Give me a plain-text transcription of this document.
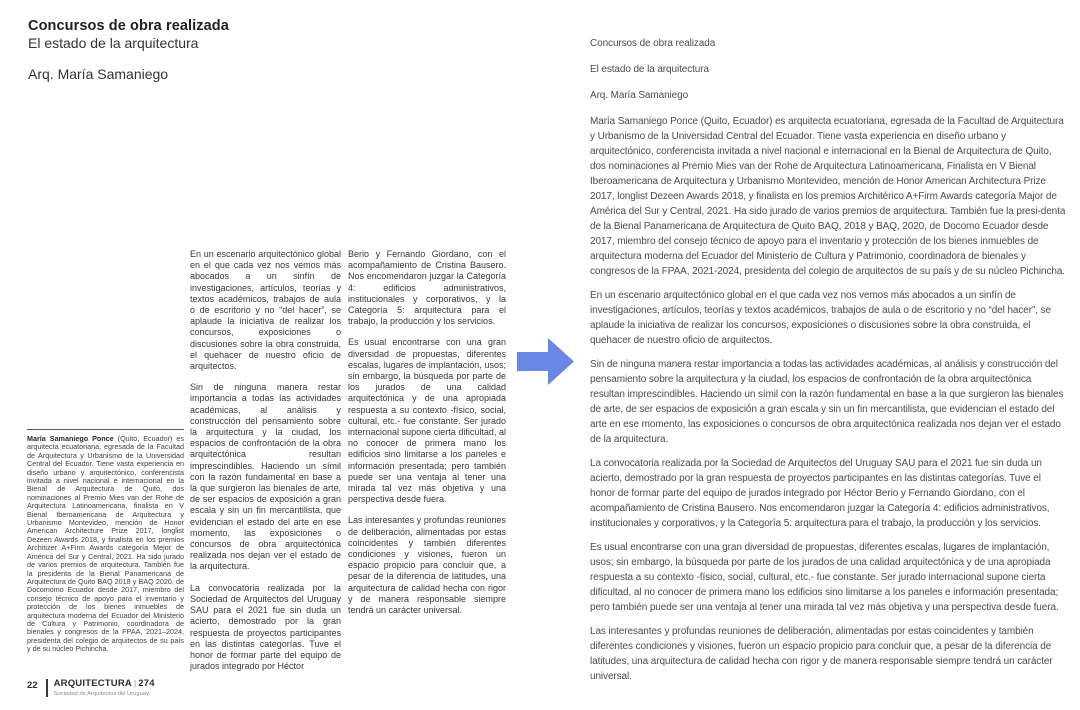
Concursos de obra realizada
El estado de la arquitectura
Arq. María Samaniego
María Samaniego Ponce (Quito, Ecuador) es arquitecta ecuatoriana, egresada de la Facultad de Arquitectura y Urbanismo de la Universidad Central del Ecuador. Tiene vasta experiencia en diseño urbano y arquitectónico, conferencista invitada a nivel nacional e internacional en la Bienal de Arquitectura de Quito, dos nominaciones al Premio Mies van der Rohe de Arquitectura Latinoamericana, finalista en V Bienal Iberoamericana de Arquitectura y Urbanismo Montevideo, mención de Honor American Architecture Prize 2017, longlist Dezeen Awards 2018, y finalista en los premios Architizer A+Firm Awards categoría Mejor de América del Sur y Central, 2021. Ha sido jurado de varios premios de arquitectura. También fue la presidenta de la Bienal Panamericana de Arquitectura de Quito BAQ 2018 y BAQ 2020, de Docomomo Ecuador desde 2017, miembro del consejo técnico de apoyo para el inventario y protección de los bienes inmuebles de arquitectura moderna del Ecuador del Ministerio de Cultura y Patrimonio, coordinadora de bienales y congresos de la FPAA, 2021–2024, presidenta del colegio de arquitectos de su país y de su núcleo Pichincha.

En un escenario arquitectónico global en el que cada vez nos vemos más abocados a un sinfín de investigaciones, artículos, teorías y textos académicos, trabajos de aula o de escritorio y no “del hacer”, se aplaude la iniciativa de realizar los concursos, exposiciones o discusiones sobre la obra construida, el quehacer de nuestro oficio de arquitectos.

Sin de ninguna manera restar importancia a todas las actividades académicas, al análisis y construcción del pensamiento sobre la arquitectura y la ciudad, los espacios de confrontación de la obra arquitectónica resultan imprescindibles. Haciendo un símil con la razón fundamental en base a la que surgieron las bienales de arte, de ser espacios de exposición a gran escala y sin un fin mercantilista, que evidencian el estado del arte en ese momento, las exposiciones o concursos de obra arquitectónica realizada nos dejan ver el estado de la arquitectura.

La convocatoria realizada por la Sociedad de Arquitectos del Uruguay SAU para el 2021 fue sin duda un acierto, demostrado por la gran respuesta de proyectos participantes en las distintas categorías. Tuve el honor de formar parte del equipo de jurados integrado por Héctor

Berio y Fernando Giordano, con el acompañamiento de Cristina Bausero. Nos encomendaron juzgar la Categoría 4: edificios administrativos, institucionales y corporativos, y la Categoría 5: arquitectura para el trabajo, la producción y los servicios.

Es usual encontrarse con una gran diversidad de propuestas, diferentes escalas, lugares de implantación, usos; sin embargo, la búsqueda por parte de los jurados de una calidad arquitectónica y de una apropiada respuesta a su contexto -físico, social, cultural, etc.- fue constante. Ser jurado internacional supone cierta dificultad, al no conocer de primera mano los edificios sino limitarse a los paneles e información presentada; pero también puede ser una ventaja al tener una mirada tal vez más objetiva y una perspectiva desde fuera.

Las interesantes y profundas reuniones de deliberación, alimentadas por estas coincidentes y también diferentes condiciones y visiones, fueron un espacio propicio para concluir que, a pesar de la diferencia de latitudes, una arquitectura de calidad hecha con rigor y de manera responsable siempre tendrá un carácter universal.

22 ARQUITECTURA | 274
Sociedad de Arquitectos del Uruguay

Concursos de obra realizada

El estado de la arquitectura

Arq. María Samaniego

María Samaniego Ponce (Quito, Ecuador) es arquitecta ecuatoriana, egresada de la Facultad de Arquitectura y Urbanismo de la Universidad Central del Ecuador. Tiene vasta experiencia en diseño urbano y arquitectónico, conferencista invitada a nivel nacional e internacional en la Bienal de Arquitectura de Quito, dos nominaciones al Premio Mies van der Rohe de Arquitectura Latinoamericana, Finalista en V Bienal Iberoamericana de Arquitectura y Urbanismo Montevideo, mención de Honor American Architectura Prize 2017, longlist Dezeen Awards 2018, y finalista en los premios Architérico A+Firm Awards categoría Major de América del Sur y Central, 2021. Ha sido jurado de varios premios de arquitectura. También fue la presi-denta de la Bienal Panamericana de Arquitectura de Quito BAQ, 2018 y BAQ, 2020, de Docomo Ecuador desde 2017, miembro del consejo técnico de apoyo para el inventario y protección de los bienes inmuebles de arquitectura moderna del Ecuador del Ministerio de Cultura y Patrimonio, coordinadora de bienales y congresos de la FPAA, 2021-2024, presidenta del colegio de arquitectos de su país y de su núcleo Pichincha.

En un escenario arquitectónico global en el que cada vez nos vemos más abocados a un sinfín de investigaciones, artículos, teorías y textos académicos, trabajos de aula o de escritorio y no “del hacer”, se aplaude la iniciativa de realizar los concursos, exposiciones o discusiones sobre la obra construida, el quehacer de nuestro oficio de arquitectos.

Sin de ninguna manera restar importancia a todas las actividades académicas, al análisis y construcción del pensamiento sobre la arquitectura y la ciudad, los espacios de confrontación de la obra arquitectónica resultan imprescindibles. Haciendo un símil con la razón fundamental en base a la que surgieron las bienales de arte, de ser espacios de exposición a gran escala y sin un fin mercantilista, que evidencian el estado del arte en ese momento, las exposiciones o concursos de obra arquitectónica realizada nos dejan ver el estado de la arquitectura.

La convocatoria realizada por la Sociedad de Arquitectos del Uruguay SAU para el 2021 fue sin duda un acierto, demostrado por la gran respuesta de proyectos participantes en las distintas categorías. Tuve el honor de formar parte del equipo de jurados integrado por Héctor Berio y Fernando Giordano, con el acompañamiento de Cristina Bausero. Nos encomendaron juzgar la Categoría 4: edificios administrativos, institucionales y corporativos, y la Categoría 5: arquitectura para el trabajo, la producción y los servicios.

Es usual encontrarse con una gran diversidad de propuestas, diferentes escalas, lugares de implantación, usos; sin embargo, la búsqueda por parte de los jurados de una calidad arquitectónica y de una apropiada respuesta a su contexto -físico, social, cultural, etc.- fue constante. Ser jurado internacional supone cierta dificultad, al no conocer de primera mano los edificios sino limitarse a los paneles e información presentada; pero también puede ser una ventaja al tener una mirada tal vez más objetiva y una perspectiva desde fuera.

Las interesantes y profundas reuniones de deliberación, alimentadas por estas coincidentes y también diferentes condiciones y visiones, fueron un espacio propicio para concluir que, a pesar de la diferencia de latitudes, una arquitectura de calidad hecha con rigor y de manera responsable siempre tendrá un carácter universal.
